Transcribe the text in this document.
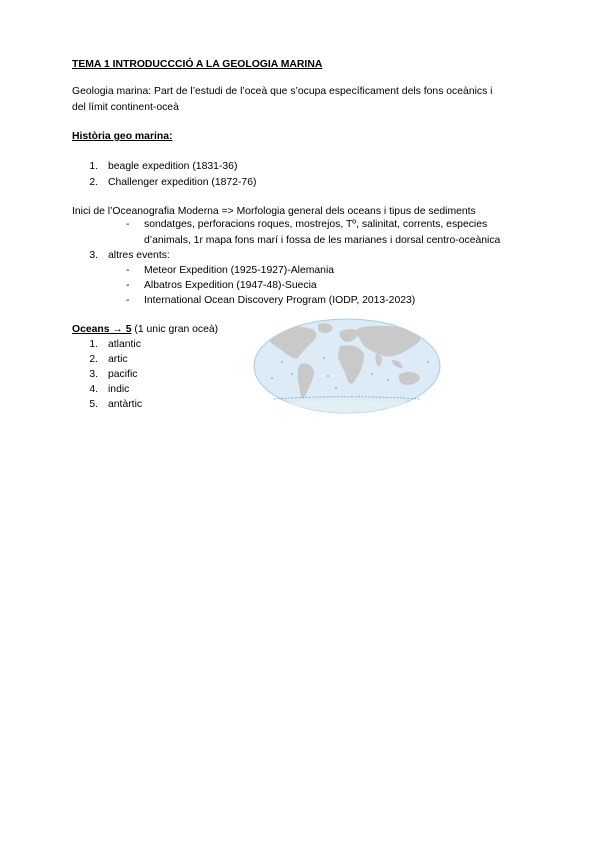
TEMA 1 INTRODUCCCIÓ A LA GEOLOGIA MARINA
Geologia marina: Part de l’estudi de l’oceà que s’ocupa específicament dels fons oceànics i
del límit continent-oceà
Història geo marina:
1. beagle expedition (1831-36)
2. Challenger expedition (1872-76)
Inici de l’Oceanografia Moderna => Morfologia general dels oceans i tipus de sediments
- sondatges, perforacions roques, mostrejos, Tº, salinitat, corrents, especies
d’animals, 1r mapa fons marí i fossa de les marianes i dorsal centro-oceànica
3. altres events:
- Meteor Expedition (1925-1927)-Alemania
- Albatros Expedition (1947-48)-Suecia
- International Ocean Discovery Program (IODP, 2013-2023)
Oceans → 5 (1 unic gran oceà)
1. atlantic
2. artic
3. pacific
4. indic
5. antàrtic
